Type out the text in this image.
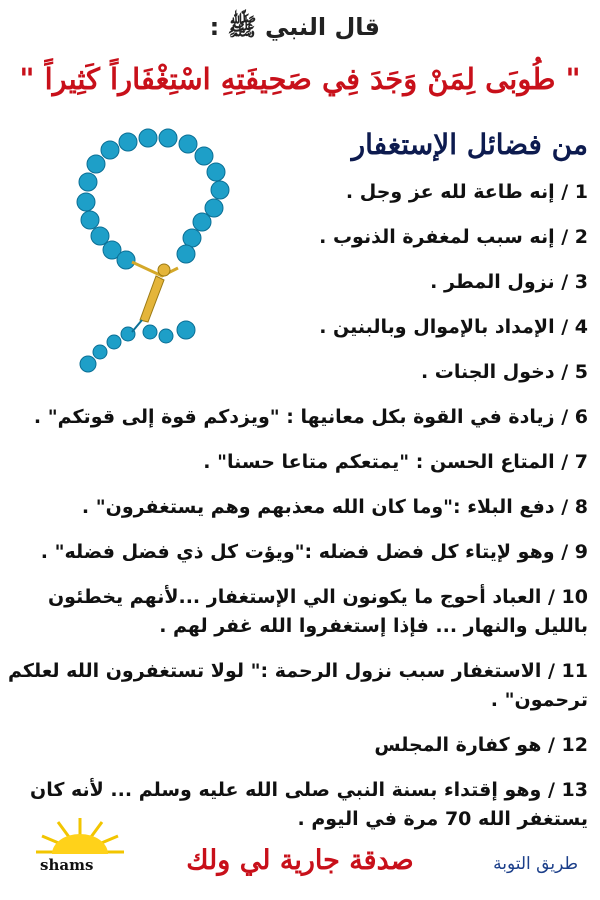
قال النبي ﷺ :
" طُوبَى لِمَنْ وَجَدَ فِي صَحِيفَتِهِ اسْتِغْفَاراً كَثِيراً "
من فضائل الإستغفار
1 / إنه طاعة لله عز وجل .
2 / إنه سبب لمغفرة الذنوب .
3 / نزول المطر .
4 / الإمداد بالإموال وبالبنين .
5 / دخول الجنات .
6 / زيادة في القوة بكل معانيها : "ويزدكم قوة إلى قوتكم" .
7 / المتاع الحسن : "يمتعكم متاعا حسنا" .
8 / دفع البلاء :"وما كان الله معذبهم وهم يستغفرون" .
9 / وهو لإيتاء كل فضل فضله :"ويؤت كل ذي فضل فضله" .
10 / العباد أحوج ما يكونون الي الإستغفار ...لأنهم يخطئون بالليل والنهار ... فإذا إستغفروا الله غفر لهم .
11 / الاستغفار سبب نزول الرحمة :" لولا تستغفرون الله لعلكم ترحمون" .
12 / هو كفارة المجلس
13 / وهو إقتداء بسنة النبي صلى الله عليه وسلم ... لأنه كان يستغفر الله 70 مرة في اليوم .
shams	صدقة جارية لي ولك	طريق التوبة
